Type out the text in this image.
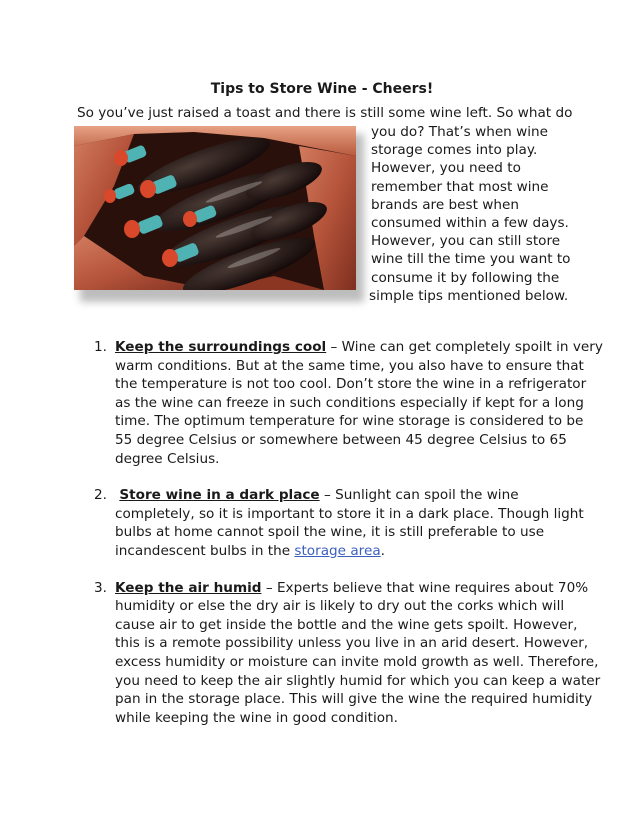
Tips to Store Wine - Cheers!
So you’ve just raised a toast and there is still some wine left. So what do
you do? That’s when wine
storage comes into play.
However, you need to
remember that most wine
brands are best when
consumed within a few days.
However, you can still store
wine till the time you want to
consume it by following the
simple tips mentioned below.
1. Keep the surroundings cool – Wine can get completely spoilt in very
warm conditions. But at the same time, you also have to ensure that
the temperature is not too cool. Don’t store the wine in a refrigerator
as the wine can freeze in such conditions especially if kept for a long
time. The optimum temperature for wine storage is considered to be
55 degree Celsius or somewhere between 45 degree Celsius to 65
degree Celsius.
2. Store wine in a dark place – Sunlight can spoil the wine
completely, so it is important to store it in a dark place. Though light
bulbs at home cannot spoil the wine, it is still preferable to use
incandescent bulbs in the storage area.
3. Keep the air humid – Experts believe that wine requires about 70%
humidity or else the dry air is likely to dry out the corks which will
cause air to get inside the bottle and the wine gets spoilt. However,
this is a remote possibility unless you live in an arid desert. However,
excess humidity or moisture can invite mold growth as well. Therefore,
you need to keep the air slightly humid for which you can keep a water
pan in the storage place. This will give the wine the required humidity
while keeping the wine in good condition.
